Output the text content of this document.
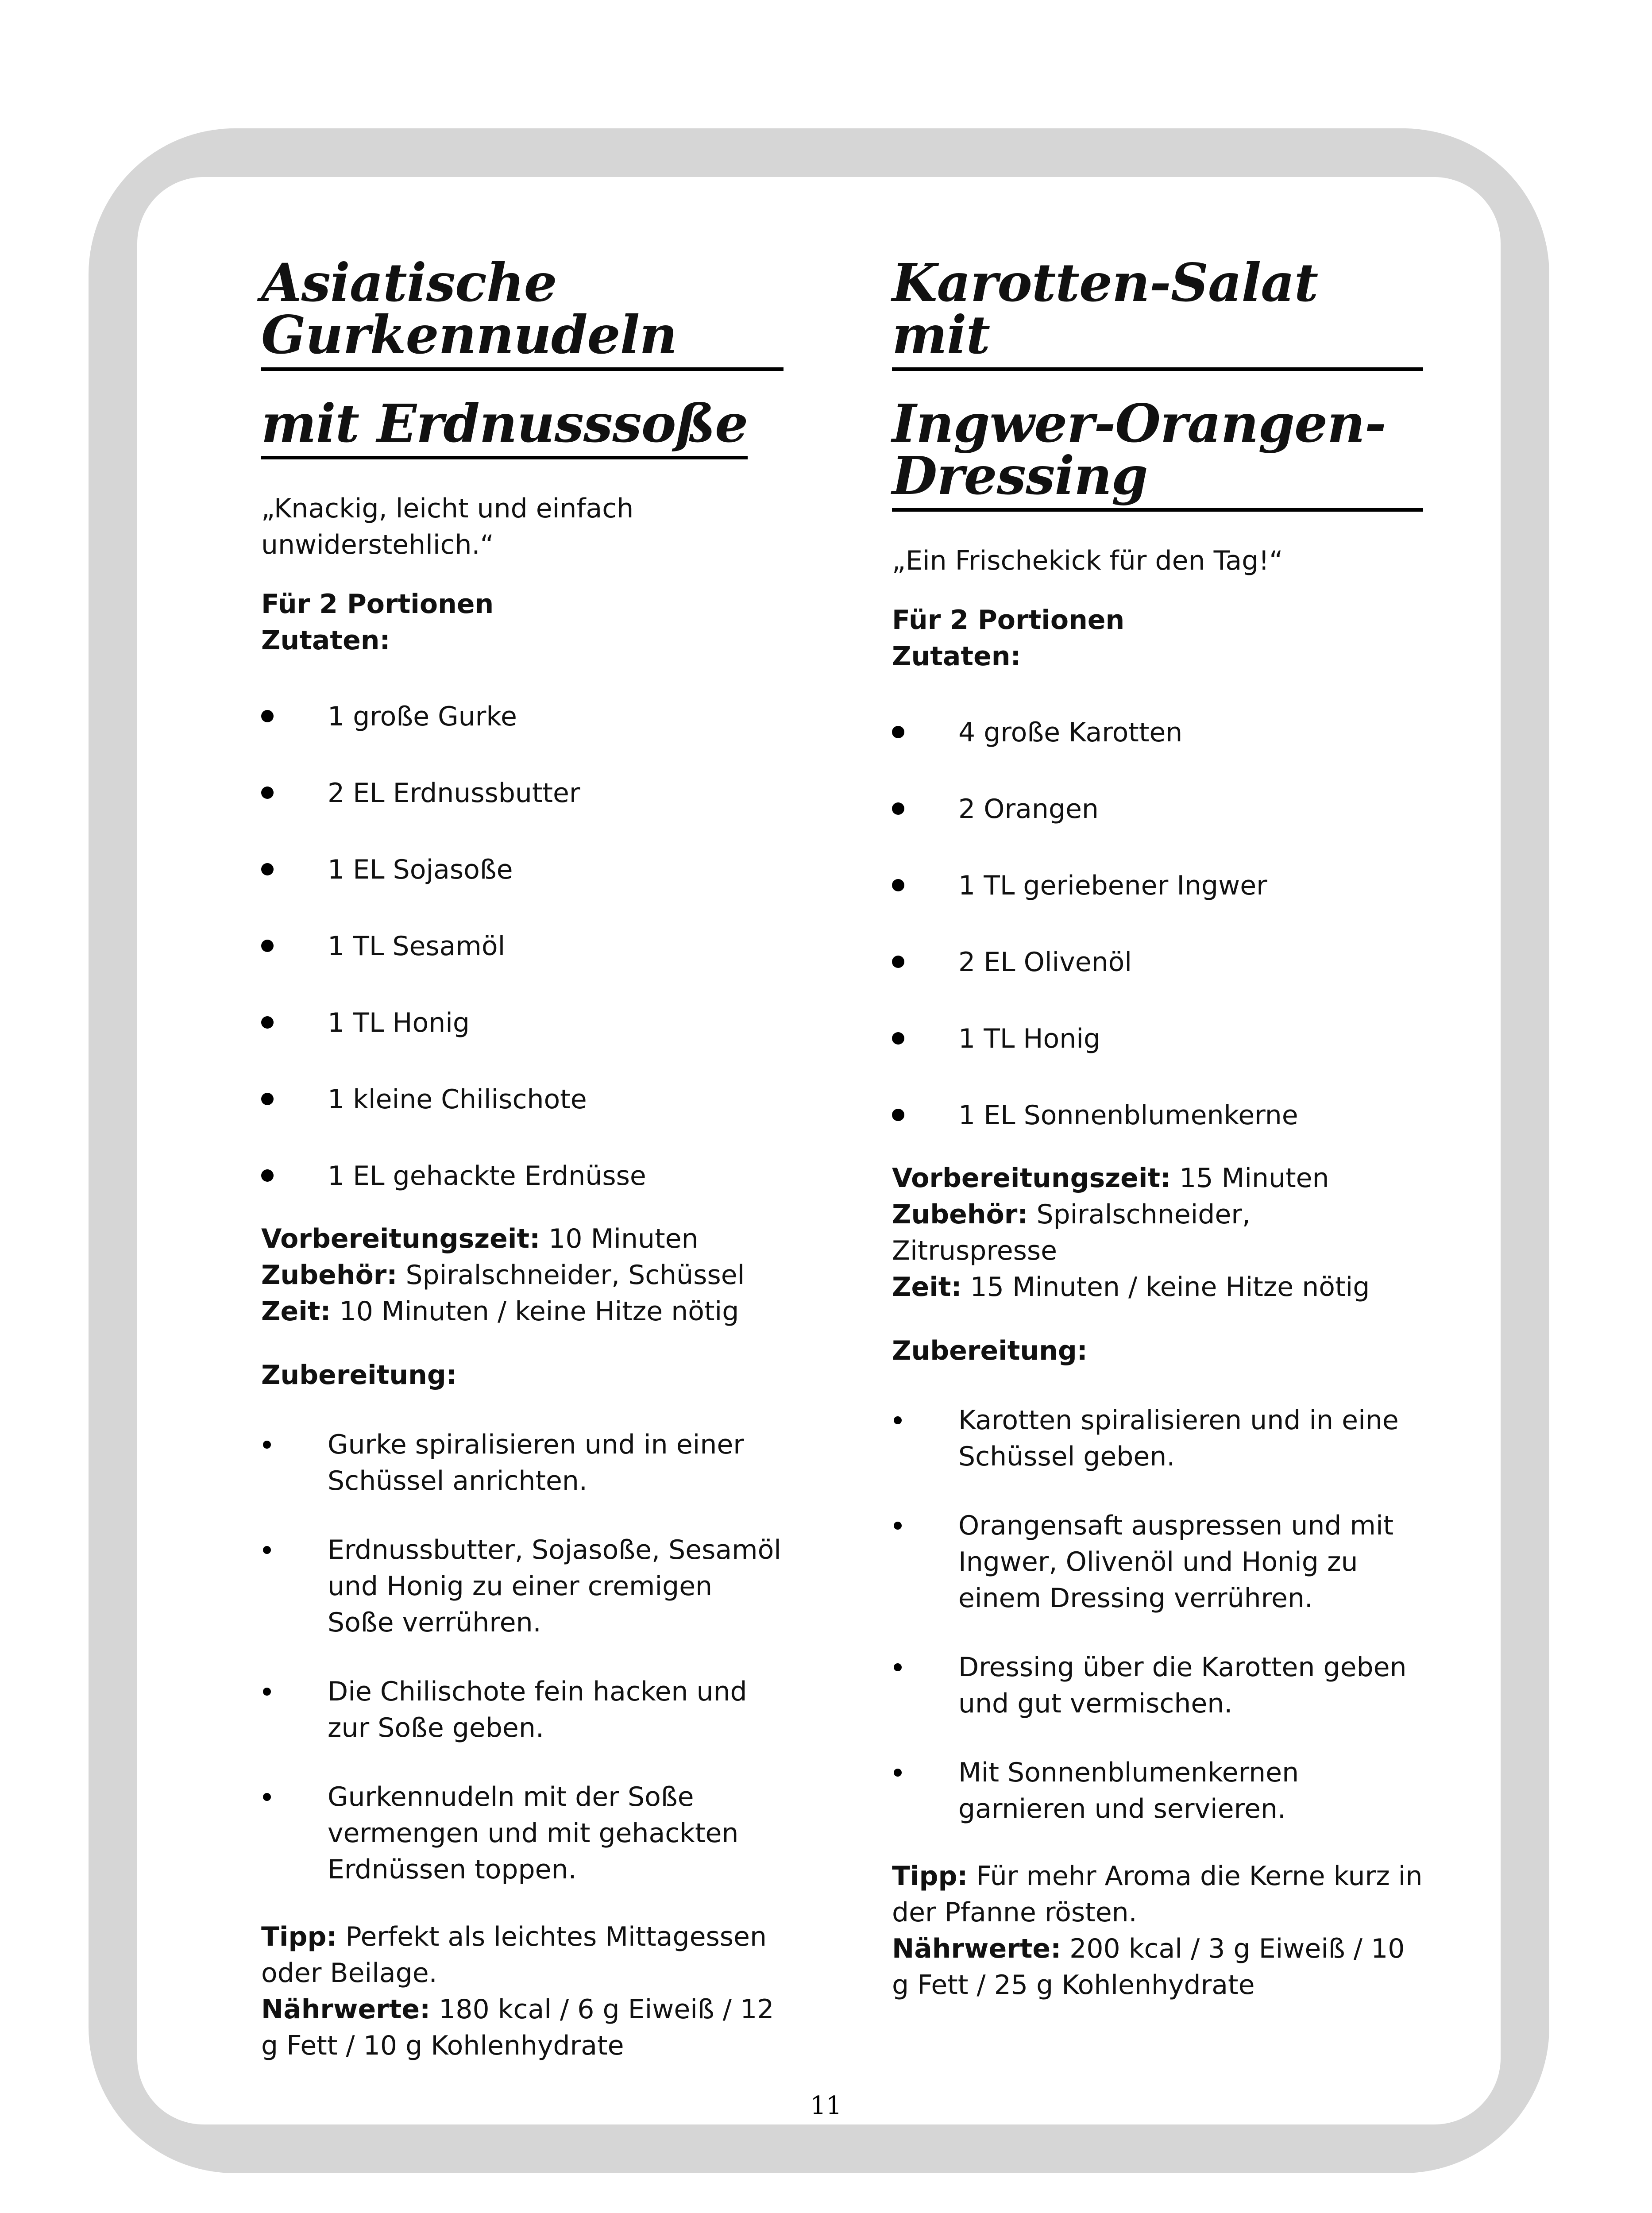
Asiatische Gurkennudeln
mit Erdnusssoße

„Knackig, leicht und einfach unwiderstehlich.“

Für 2 Portionen
Zutaten:
1 große Gurke
2 EL Erdnussbutter
1 EL Sojasoße
1 TL Sesamöl
1 TL Honig
1 kleine Chilischote
1 EL gehackte Erdnüsse
Vorbereitungszeit: 10 Minuten
Zubehör: Spiralschneider, Schüssel
Zeit: 10 Minuten / keine Hitze nötig
Zubereitung:
Gurke spiralisieren und in einer Schüssel anrichten.
Erdnussbutter, Sojasoße, Sesamöl und Honig zu einer cremigen Soße verrühren.
Die Chilischote fein hacken und zur Soße geben.
Gurkennudeln mit der Soße vermengen und mit gehackten Erdnüssen toppen.
Tipp: Perfekt als leichtes Mittagessen oder Beilage.
Nährwerte: 180 kcal / 6 g Eiweiß / 12 g Fett / 10 g Kohlenhydrate
Karotten-Salat mit
Ingwer-Orangen-Dressing

„Ein Frischekick für den Tag!“

Für 2 Portionen
Zutaten:
4 große Karotten
2 Orangen
1 TL geriebener Ingwer
2 EL Olivenöl
1 TL Honig
1 EL Sonnenblumenkerne
Vorbereitungszeit: 15 Minuten
Zubehör: Spiralschneider, Zitruspresse
Zeit: 15 Minuten / keine Hitze nötig
Zubereitung:
Karotten spiralisieren und in eine Schüssel geben.
Orangensaft auspressen und mit Ingwer, Olivenöl und Honig zu einem Dressing verrühren.
Dressing über die Karotten geben und gut vermischen.
Mit Sonnenblumenkernen garnieren und servieren.
Tipp: Für mehr Aroma die Kerne kurz in der Pfanne rösten.
Nährwerte: 200 kcal / 3 g Eiweiß / 10 g Fett / 25 g Kohlenhydrate
11
